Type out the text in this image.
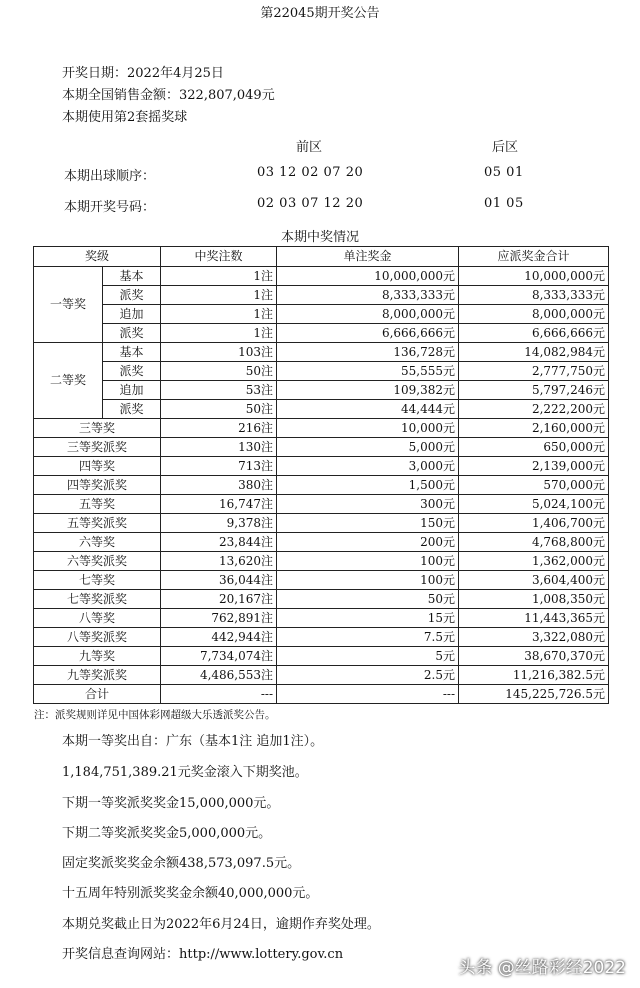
第22045期开奖公告
开奖日期：2022年4月25日
本期全国销售金额：322,807,049元
本期使用第2套摇奖球
前区	后区
本期出球顺序：	03 12 02 07 20	05 01
本期开奖号码：	02 03 07 12 20	01 05
本期中奖情况
奖级		中奖注数	单注奖金	应派奖金合计
一等奖	基本	1注	10,000,000元	10,000,000元
	派奖	1注	8,333,333元	8,333,333元
	追加	1注	8,000,000元	8,000,000元
	派奖	1注	6,666,666元	6,666,666元
二等奖	基本	103注	136,728元	14,082,984元
	派奖	50注	55,555元	2,777,750元
	追加	53注	109,382元	5,797,246元
	派奖	50注	44,444元	2,222,200元
三等奖		216注	10,000元	2,160,000元
三等奖派奖		130注	5,000元	650,000元
四等奖		713注	3,000元	2,139,000元
四等奖派奖		380注	1,500元	570,000元
五等奖		16,747注	300元	5,024,100元
五等奖派奖		9,378注	150元	1,406,700元
六等奖		23,844注	200元	4,768,800元
六等奖派奖		13,620注	100元	1,362,000元
七等奖		36,044注	100元	3,604,400元
七等奖派奖		20,167注	50元	1,008,350元
八等奖		762,891注	15元	11,443,365元
八等奖派奖		442,944注	7.5元	3,322,080元
九等奖		7,734,074注	5元	38,670,370元
九等奖派奖		4,486,553注	2.5元	11,216,382.5元
合计		---	---	145,225,726.5元
注：派奖规则详见中国体彩网超级大乐透派奖公告。
本期一等奖出自：广东（基本1注 追加1注）。
1,184,751,389.21元奖金滚入下期奖池。
下期一等奖派奖奖金15,000,000元。
下期二等奖派奖奖金5,000,000元。
固定奖派奖奖金余额438,573,097.5元。
十五周年特别派奖奖金余额40,000,000元。
本期兑奖截止日为2022年6月24日，逾期作弃奖处理。
开奖信息查询网站：http://www.lottery.gov.cn
头条 @丝路彩经2022
